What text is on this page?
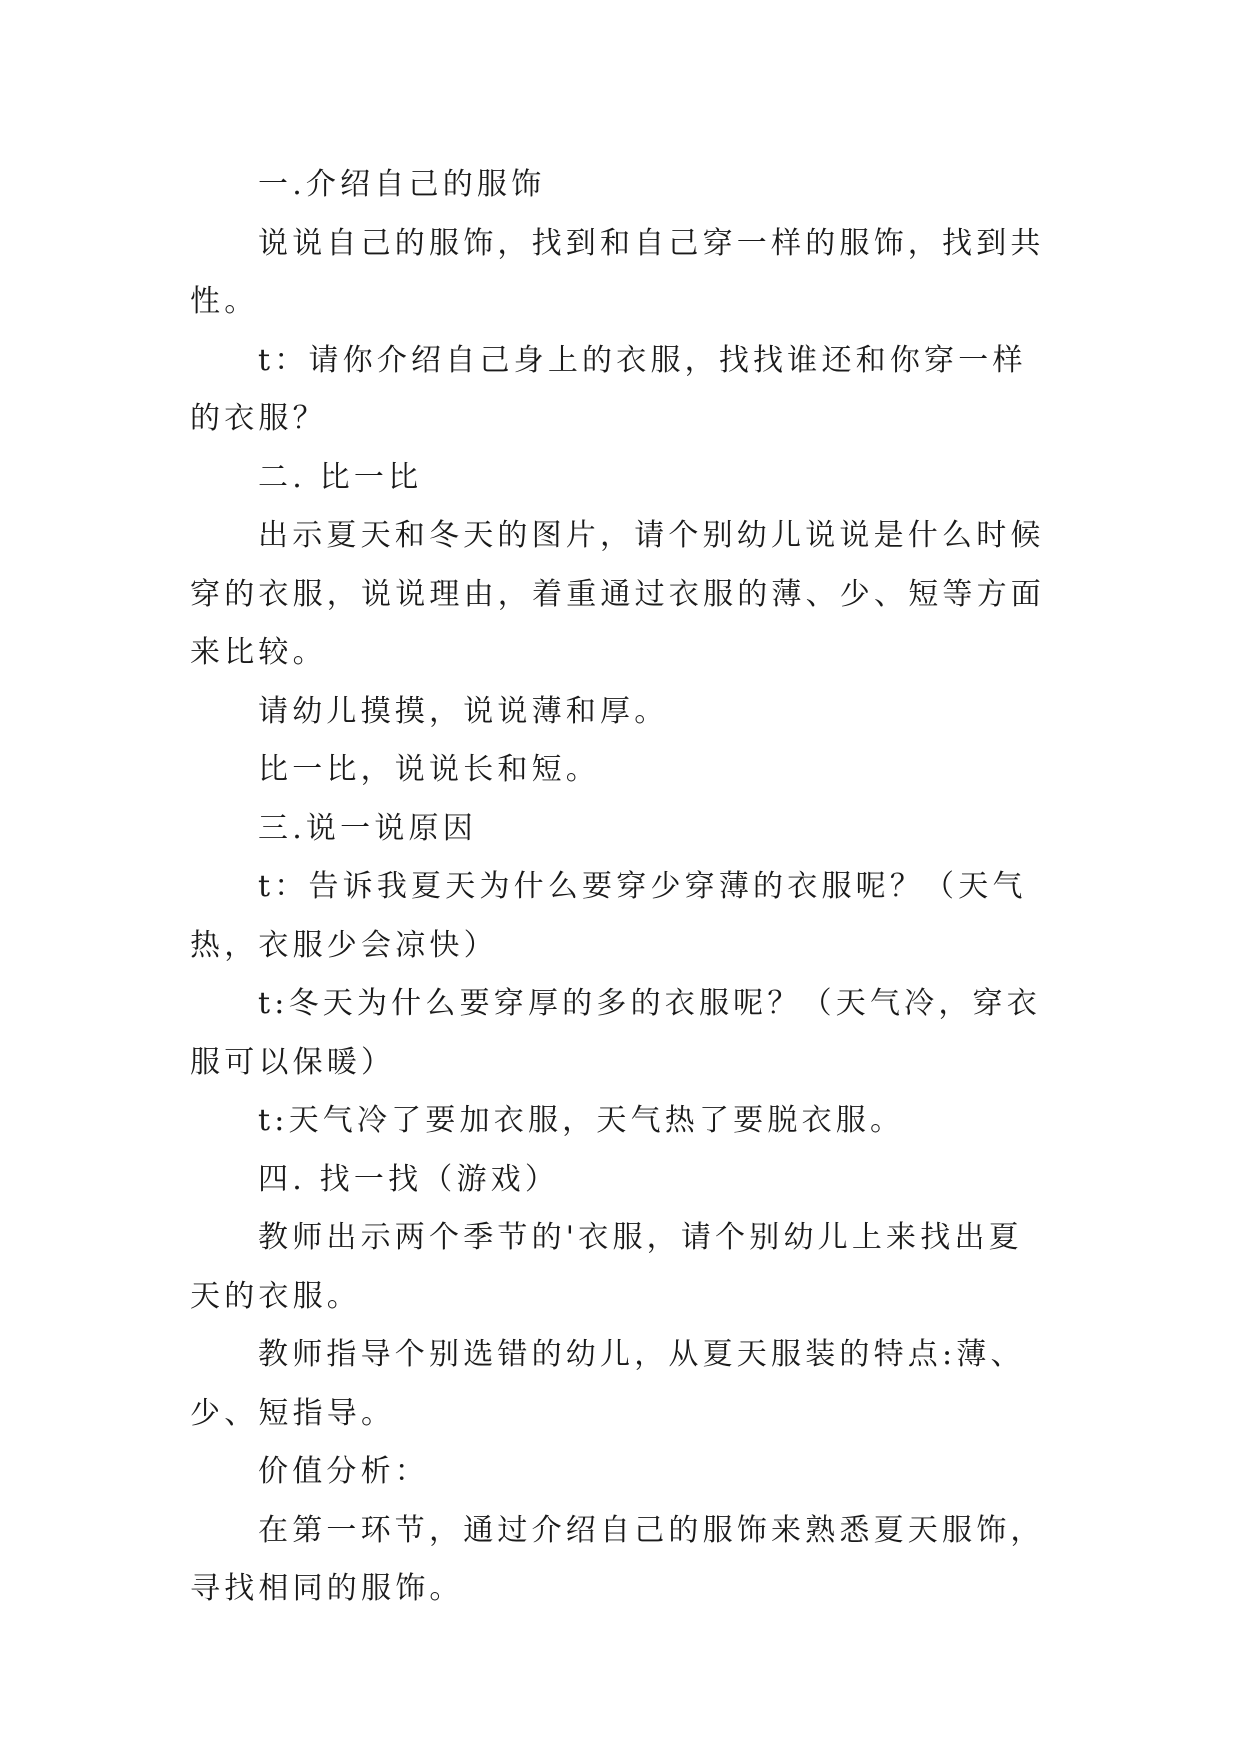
一.介绍自己的服饰

说说自己的服饰，找到和自己穿一样的服饰，找到共性。

t：请你介绍自己身上的衣服，找找谁还和你穿一样的衣服？

二. 比一比

出示夏天和冬天的图片，请个别幼儿说说是什么时候穿的衣服，说说理由，着重通过衣服的薄、少、短等方面来比较。

请幼儿摸摸，说说薄和厚。

比一比，说说长和短。

三.说一说原因

t：告诉我夏天为什么要穿少穿薄的衣服呢？（天气热，衣服少会凉快）

t:冬天为什么要穿厚的多的衣服呢？（天气冷，穿衣服可以保暖）

t:天气冷了要加衣服，天气热了要脱衣服。

四. 找一找（游戏）

教师出示两个季节的'衣服，请个别幼儿上来找出夏天的衣服。

教师指导个别选错的幼儿，从夏天服装的特点:薄、少、短指导。

价值分析：

在第一环节，通过介绍自己的服饰来熟悉夏天服饰，寻找相同的服饰。
